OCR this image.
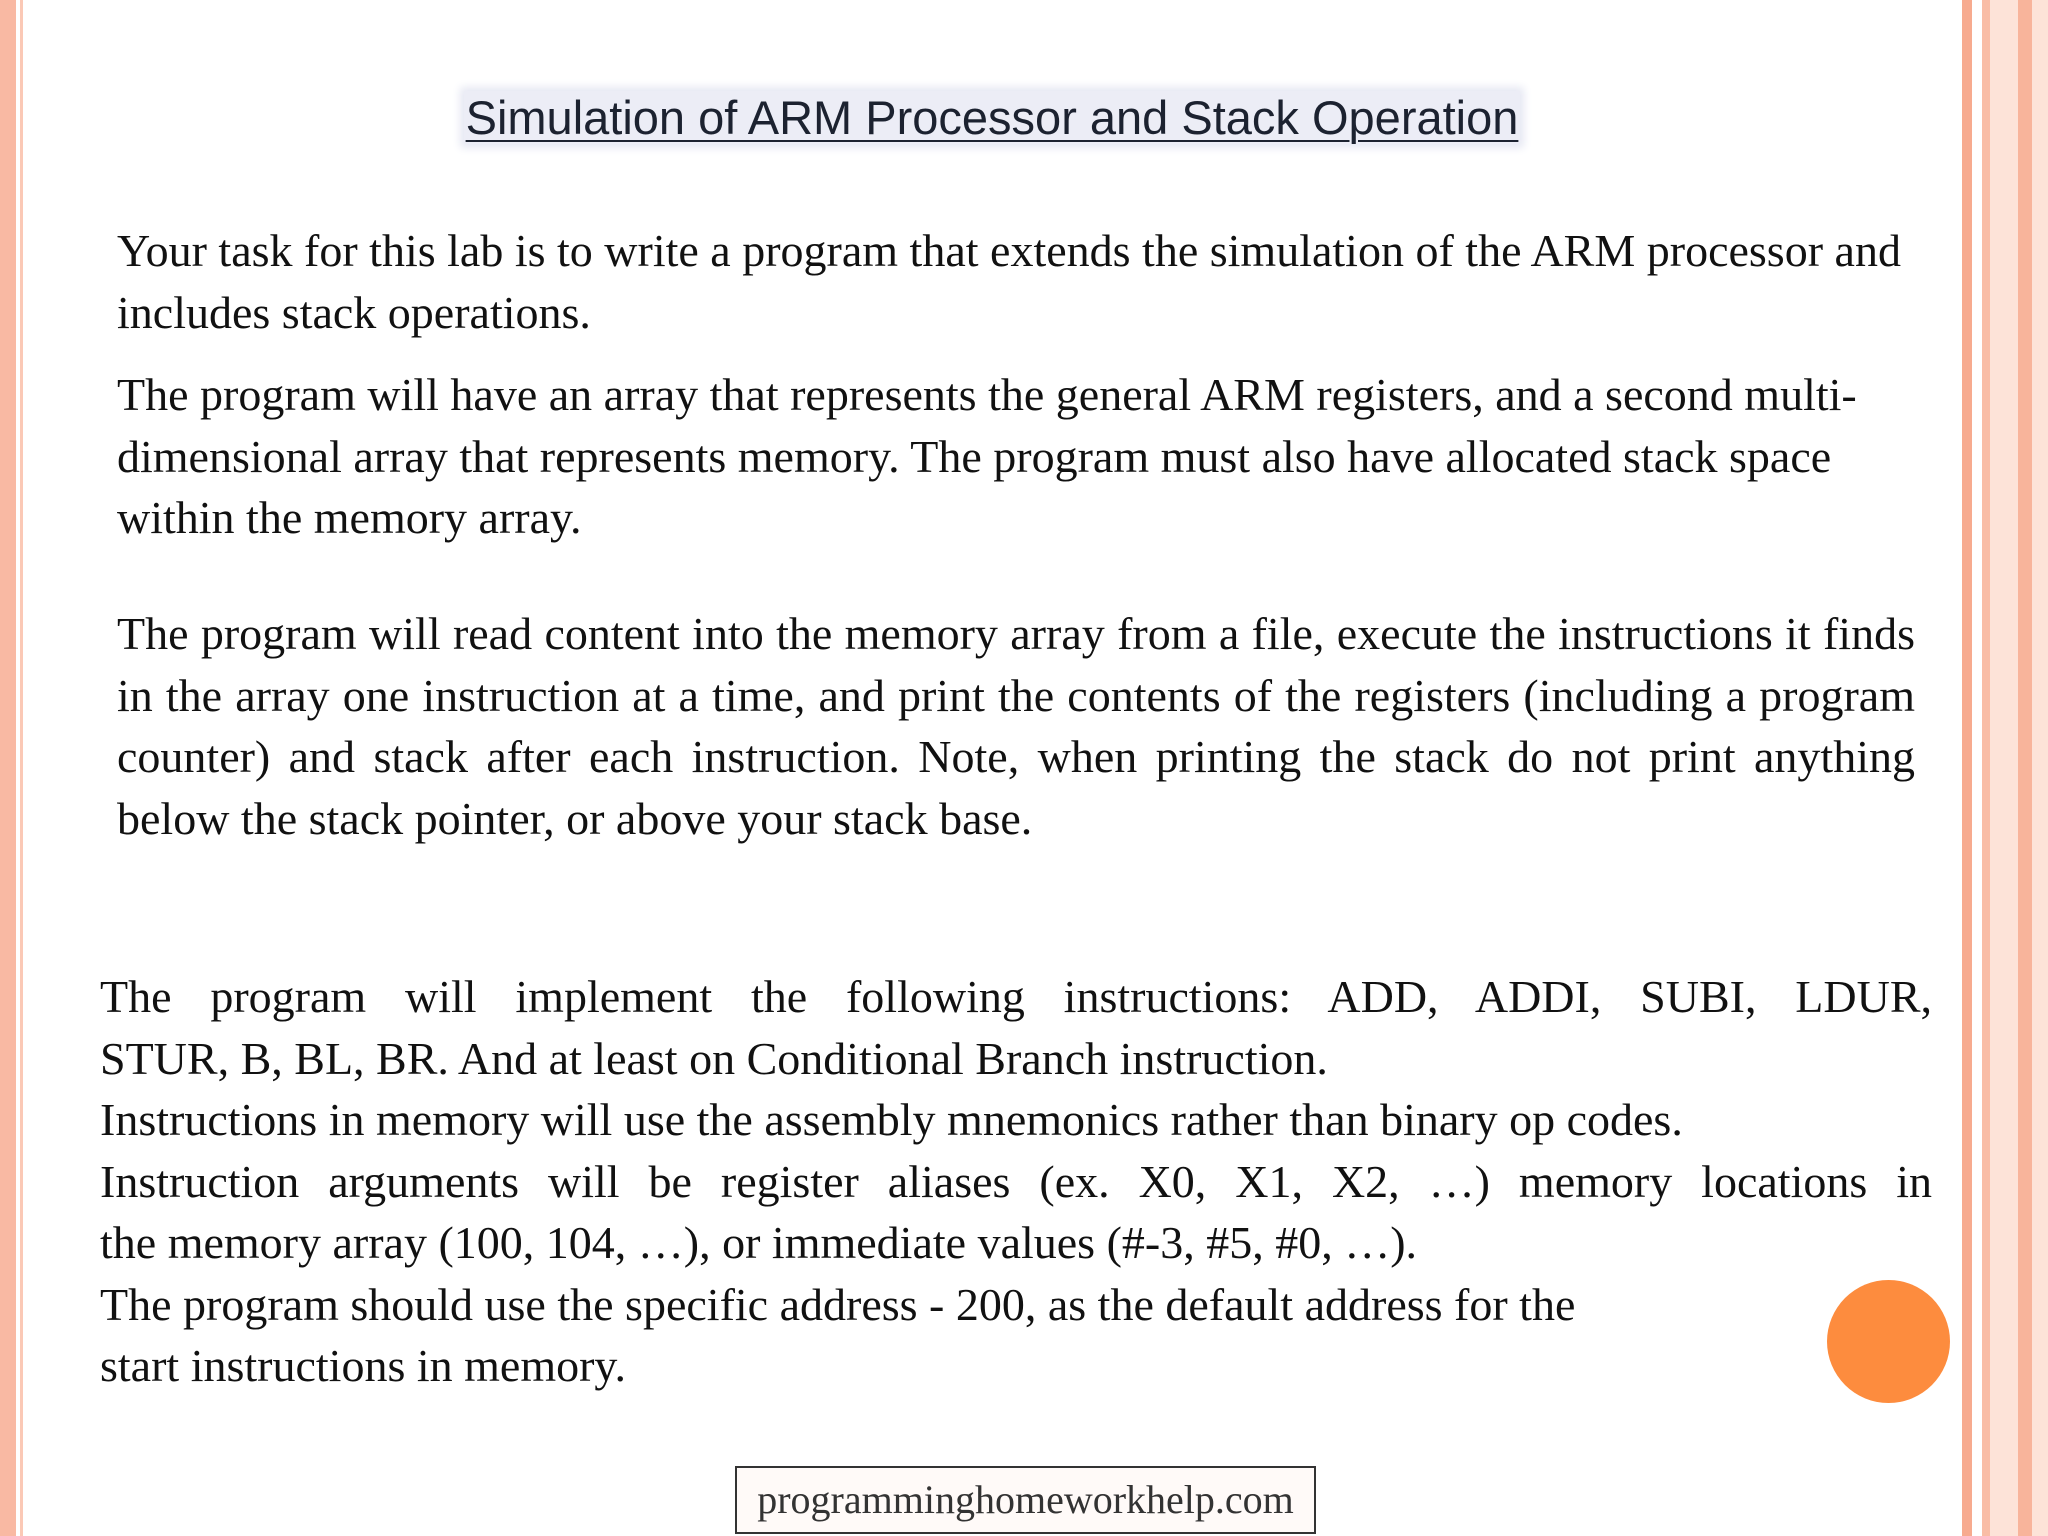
Simulation of ARM Processor and Stack Operation

Your task for this lab is to write a program that extends the simulation of the ARM processor and includes stack operations.

The program will have an array that represents the general ARM registers, and a second multi-dimensional array that represents memory. The program must also have allocated stack space within the memory array.

The program will read content into the memory array from a file, execute the instructions it finds in the array one instruction at a time, and print the contents of the registers (including a program counter) and stack after each instruction. Note, when printing the stack do not print anything below the stack pointer, or above your stack base.

The program will implement the following instructions: ADD, ADDI, SUBI, LDUR,
STUR, B, BL, BR. And at least on Conditional Branch instruction.
Instructions in memory will use the assembly mnemonics rather than binary op codes.
Instruction arguments will be register aliases (ex. X0, X1, X2, …) memory locations in
the memory array (100, 104, …), or immediate values (#-3, #5, #0, …).
The program should use the specific address - 200, as the default address for the
start instructions in memory.
programminghomeworkhelp.com
